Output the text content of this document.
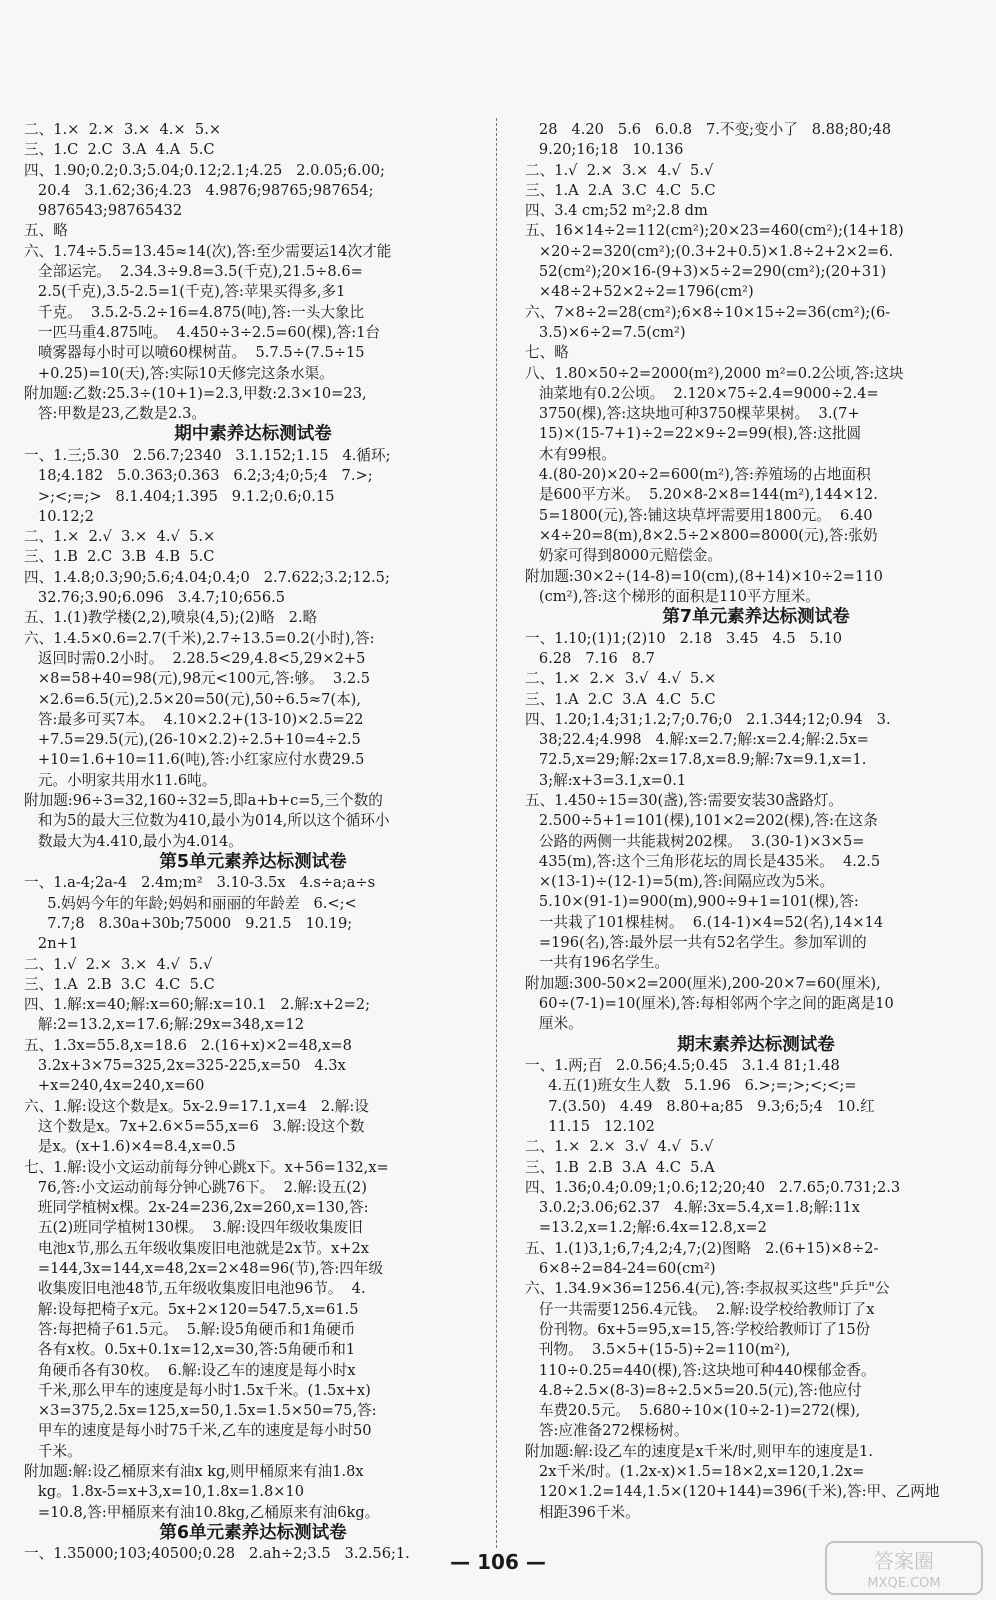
二、1.×  2.×  3.×  4.×  5.×
三、1.C  2.C  3.A  4.A  5.C
四、1.90;0.2;0.3;5.04;0.12;2.1;4.25   2.0.05;6.00;
20.4   3.1.62;36;4.23   4.9876;98765;987654;
9876543;98765432
五、略
六、1.74÷5.5=13.45≈14(次),答:至少需要运14次才能
全部运完。  2.34.3÷9.8=3.5(千克),21.5÷8.6=
2.5(千克),3.5-2.5=1(千克),答:苹果买得多,多1
千克。  3.5.2-5.2÷16=4.875(吨),答:一头大象比
一匹马重4.875吨。  4.450÷3÷2.5=60(棵),答:1台
喷雾器每小时可以喷60棵树苗。  5.7.5÷(7.5÷15
+0.25)=10(天),答:实际10天修完这条水渠。
附加题:乙数:25.3÷(10+1)=2.3,甲数:2.3×10=23,
答:甲数是23,乙数是2.3。
期中素养达标测试卷
一、1.三;5.30   2.56.7;2340   3.1.152;1.15   4.循环;
18;4.182   5.0.363;0.363   6.2;3;4;0;5;4   7.>;
>;<;=;>   8.1.404;1.395   9.1.2;0.6;0.15
10.12;2
二、1.×  2.√  3.×  4.√  5.×
三、1.B  2.C  3.B  4.B  5.C
四、1.4.8;0.3;90;5.6;4.04;0.4;0   2.7.622;3.2;12.5;
32.76;3.90;6.096   3.4.7;10;656.5
五、1.(1)教学楼(2,2),喷泉(4,5);(2)略   2.略
六、1.4.5×0.6=2.7(千米),2.7÷13.5=0.2(小时),答:
返回时需0.2小时。  2.28.5<29,4.8<5,29×2+5
×8=58+40=98(元),98元<100元,答:够。  3.2.5
×2.6=6.5(元),2.5×20=50(元),50÷6.5≈7(本),
答:最多可买7本。  4.10×2.2+(13-10)×2.5=22
+7.5=29.5(元),(26-10×2.2)÷2.5+10=4÷2.5
+10=1.6+10=11.6(吨),答:小红家应付水费29.5
元。小明家共用水11.6吨。
附加题:96÷3=32,160÷32=5,即a+b+c=5,三个数的
和为5的最大三位数为410,最小为014,所以这个循环小
数最大为4.410,最小为4.014。
第5单元素养达标测试卷
一、1.a-4;2a-4   2.4m;m²   3.10-3.5x   4.s÷a;a÷s
5.妈妈今年的年龄;妈妈和丽丽的年龄差   6.<;<
7.7;8   8.30a+30b;75000   9.21.5   10.19;
2n+1
二、1.√  2.×  3.×  4.√  5.√
三、1.A  2.B  3.C  4.C  5.C
四、1.解:x=40;解:x=60;解:x=10.1   2.解:x+2=2;
解:2=13.2,x=17.6;解:29x=348,x=12
五、1.3x=55.8,x=18.6   2.(16+x)×2=48,x=8
3.2x+3×75=325,2x=325-225,x=50   4.3x
+x=240,4x=240,x=60
六、1.解:设这个数是x。5x-2.9=17.1,x=4   2.解:设
这个数是x。7x+2.6×5=55,x=6   3.解:设这个数
是x。(x+1.6)×4=8.4,x=0.5
七、1.解:设小文运动前每分钟心跳x下。x+56=132,x=
76,答:小文运动前每分钟心跳76下。  2.解:设五(2)
班同学植树x棵。2x-24=236,2x=260,x=130,答:
五(2)班同学植树130棵。  3.解:设四年级收集废旧
电池x节,那么五年级收集废旧电池就是2x节。x+2x
=144,3x=144,x=48,2x=2×48=96(节),答:四年级
收集废旧电池48节,五年级收集废旧电池96节。  4.
解:设每把椅子x元。5x+2×120=547.5,x=61.5
答:每把椅子61.5元。  5.解:设5角硬币和1角硬币
各有x枚。0.5x+0.1x=12,x=30,答:5角硬币和1
角硬币各有30枚。  6.解:设乙车的速度是每小时x
千米,那么甲车的速度是每小时1.5x千米。(1.5x+x)
×3=375,2.5x=125,x=50,1.5x=1.5×50=75,答:
甲车的速度是每小时75千米,乙车的速度是每小时50
千米。
附加题:解:设乙桶原来有油x kg,则甲桶原来有油1.8x
kg。1.8x-5=x+3,x=10,1.8x=1.8×10
=10.8,答:甲桶原来有油10.8kg,乙桶原来有油6kg。
第6单元素养达标测试卷
一、1.35000;103;40500;0.28   2.ah÷2;3.5   3.2.56;1.
28   4.20   5.6   6.0.8   7.不变;变小了   8.88;80;48
9.20;16;18   10.136
二、1.√  2.×  3.×  4.√  5.√
三、1.A  2.A  3.C  4.C  5.C
四、3.4 cm;52 m²;2.8 dm
五、16×14÷2=112(cm²);20×23=460(cm²);(14+18)
×20÷2=320(cm²);(0.3+2+0.5)×1.8÷2+2×2=6.
52(cm²);20×16-(9+3)×5÷2=290(cm²);(20+31)
×48÷2+52×2÷2=1796(cm²)
六、7×8÷2=28(cm²);6×8÷10×15÷2=36(cm²);(6-
3.5)×6÷2=7.5(cm²)
七、略
八、1.80×50÷2=2000(m²),2000 m²=0.2公顷,答:这块
油菜地有0.2公顷。  2.120×75÷2.4=9000÷2.4=
3750(棵),答:这块地可种3750棵苹果树。  3.(7+
15)×(15-7+1)÷2=22×9÷2=99(根),答:这批圆
木有99根。
4.(80-20)×20÷2=600(m²),答:养殖场的占地面积
是600平方米。  5.20×8-2×8=144(m²),144×12.
5=1800(元),答:铺这块草坪需要用1800元。  6.40
×4÷20=8(m),8×2.5÷2×800=8000(元),答:张奶
奶家可得到8000元赔偿金。
附加题:30×2÷(14-8)=10(cm),(8+14)×10÷2=110
(cm²),答:这个梯形的面积是110平方厘米。
第7单元素养达标测试卷
一、1.10;(1)1;(2)10   2.18   3.45   4.5   5.10
6.28   7.16   8.7
二、1.×  2.×  3.√  4.√  5.×
三、1.A  2.C  3.A  4.C  5.C
四、1.20;1.4;31;1.2;7;0.76;0   2.1.344;12;0.94   3.
38;22.4;4.998   4.解:x=2.7;解:x=2.4;解:2.5x=
72.5,x=29;解:2x=17.8,x=8.9;解:7x=9.1,x=1.
3;解:x+3=3.1,x=0.1
五、1.450÷15=30(盏),答:需要安装30盏路灯。
2.500÷5+1=101(棵),101×2=202(棵),答:在这条
公路的两侧一共能栽树202棵。  3.(30-1)×3×5=
435(m),答:这个三角形花坛的周长是435米。  4.2.5
×(13-1)÷(12-1)=5(m),答:间隔应改为5米。
5.10×(91-1)=900(m),900÷9+1=101(棵),答:
一共栽了101棵桂树。  6.(14-1)×4=52(名),14×14
=196(名),答:最外层一共有52名学生。参加军训的
一共有196名学生。
附加题:300-50×2=200(厘米),200-20×7=60(厘米),
60÷(7-1)=10(厘米),答:每相邻两个字之间的距离是10
厘米。
期末素养达标测试卷
一、1.两;百   2.0.56;4.5;0.45   3.1.4 81;1.48
4.五(1)班女生人数   5.1.96   6.>;=;>;<;<;=
7.(3.50)   4.49   8.80+a;85   9.3;6;5;4   10.红
11.15   12.102
二、1.×  2.×  3.√  4.√  5.√
三、1.B  2.B  3.A  4.C  5.A
四、1.36;0.4;0.09;1;0.6;12;20;40   2.7.65;0.731;2.3
3.0.2;3.06;62.37   4.解:3x=5.4,x=1.8;解:11x
=13.2,x=1.2;解:6.4x=12.8,x=2
五、1.(1)3,1;6,7;4,2;4,7;(2)图略   2.(6+15)×8÷2-
6×8÷2=84-24=60(cm²)
六、1.34.9×36=1256.4(元),答:李叔叔买这些"乒乒"公
仔一共需要1256.4元钱。  2.解:设学校给教师订了x
份刊物。6x+5=95,x=15,答:学校给教师订了15份
刊物。  3.5×5+(15-5)÷2=110(m²),
110÷0.25=440(棵),答:这块地可种440棵郁金香。
4.8÷2.5×(8-3)=8÷2.5×5=20.5(元),答:他应付
车费20.5元。  5.680÷10×(10÷2-1)=272(棵),
答:应准备272棵杨树。
附加题:解:设乙车的速度是x千米/时,则甲车的速度是1.
2x千米/时。(1.2x-x)×1.5=18×2,x=120,1.2x=
120×1.2=144,1.5×(120+144)=396(千米),答:甲、乙两地
相距396千米。
— 106 —	答案圈
MXQE.COM
